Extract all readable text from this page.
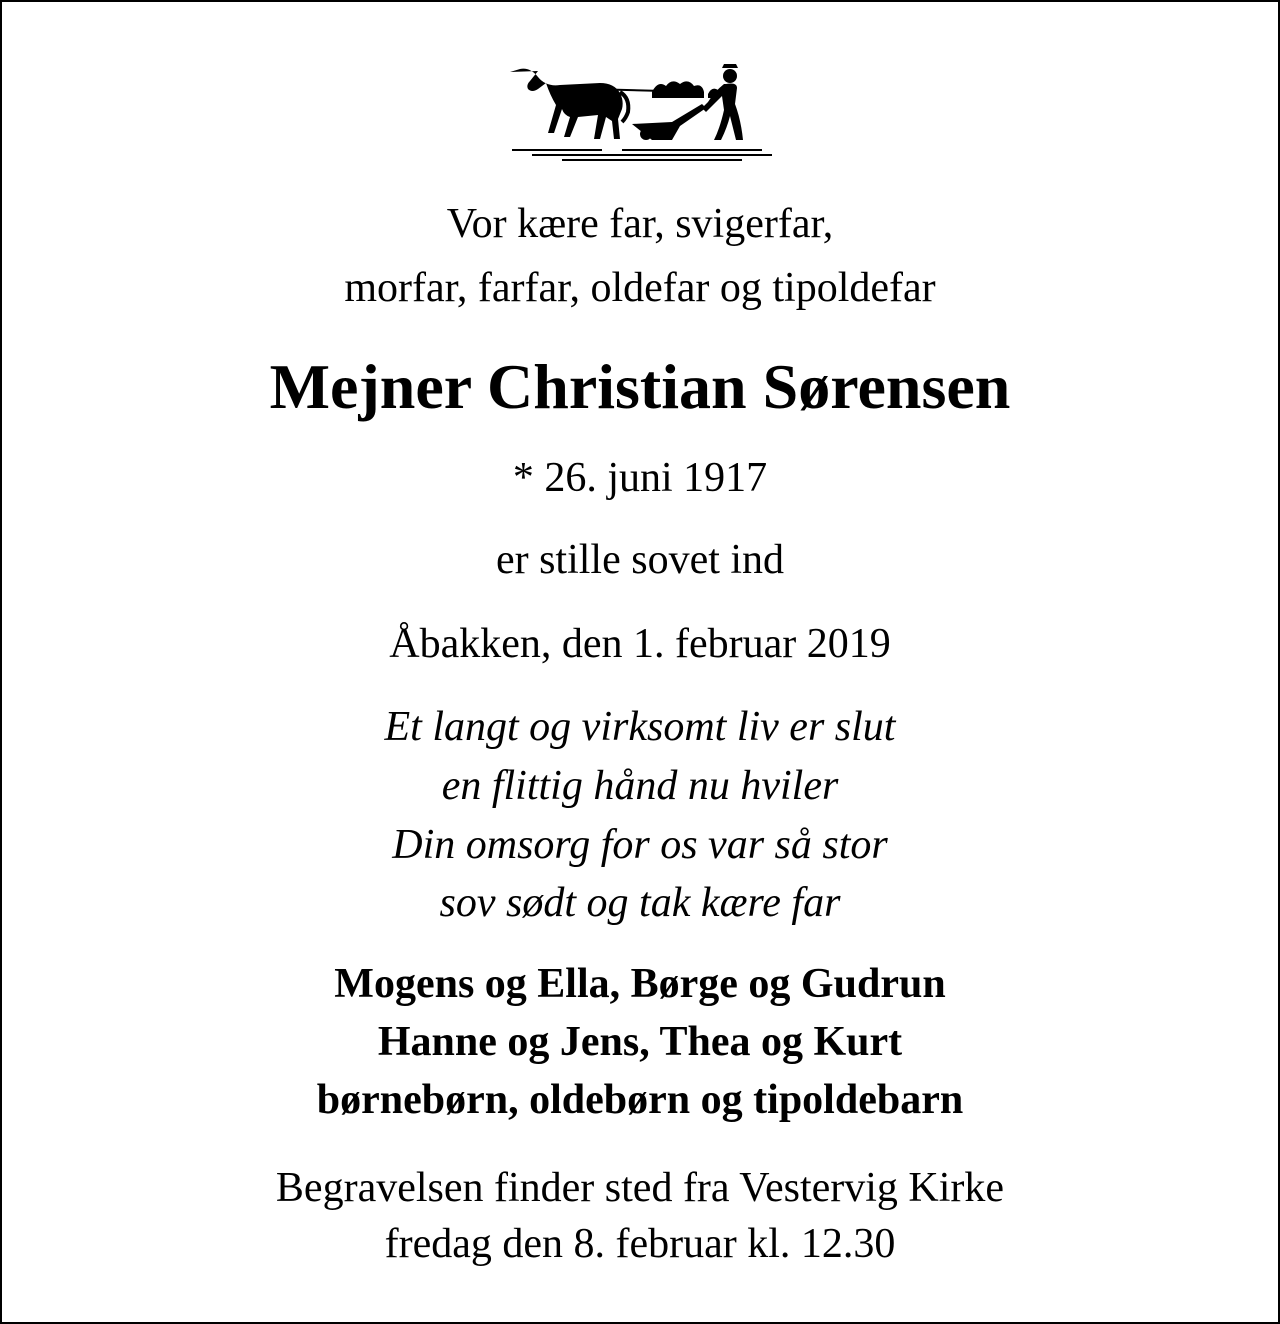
Vor kære far, svigerfar,
morfar, farfar, oldefar og tipoldefar
Mejner Christian Sørensen
* 26. juni 1917
er stille sovet ind
Åbakken, den 1. februar 2019
Et langt og virksomt liv er slut
en flittig hånd nu hviler
Din omsorg for os var så stor
sov sødt og tak kære far
Mogens og Ella, Børge og Gudrun
Hanne og Jens, Thea og Kurt
børnebørn, oldebørn og tipoldebarn
Begravelsen finder sted fra Vestervig Kirke
fredag den 8. februar kl. 12.30
